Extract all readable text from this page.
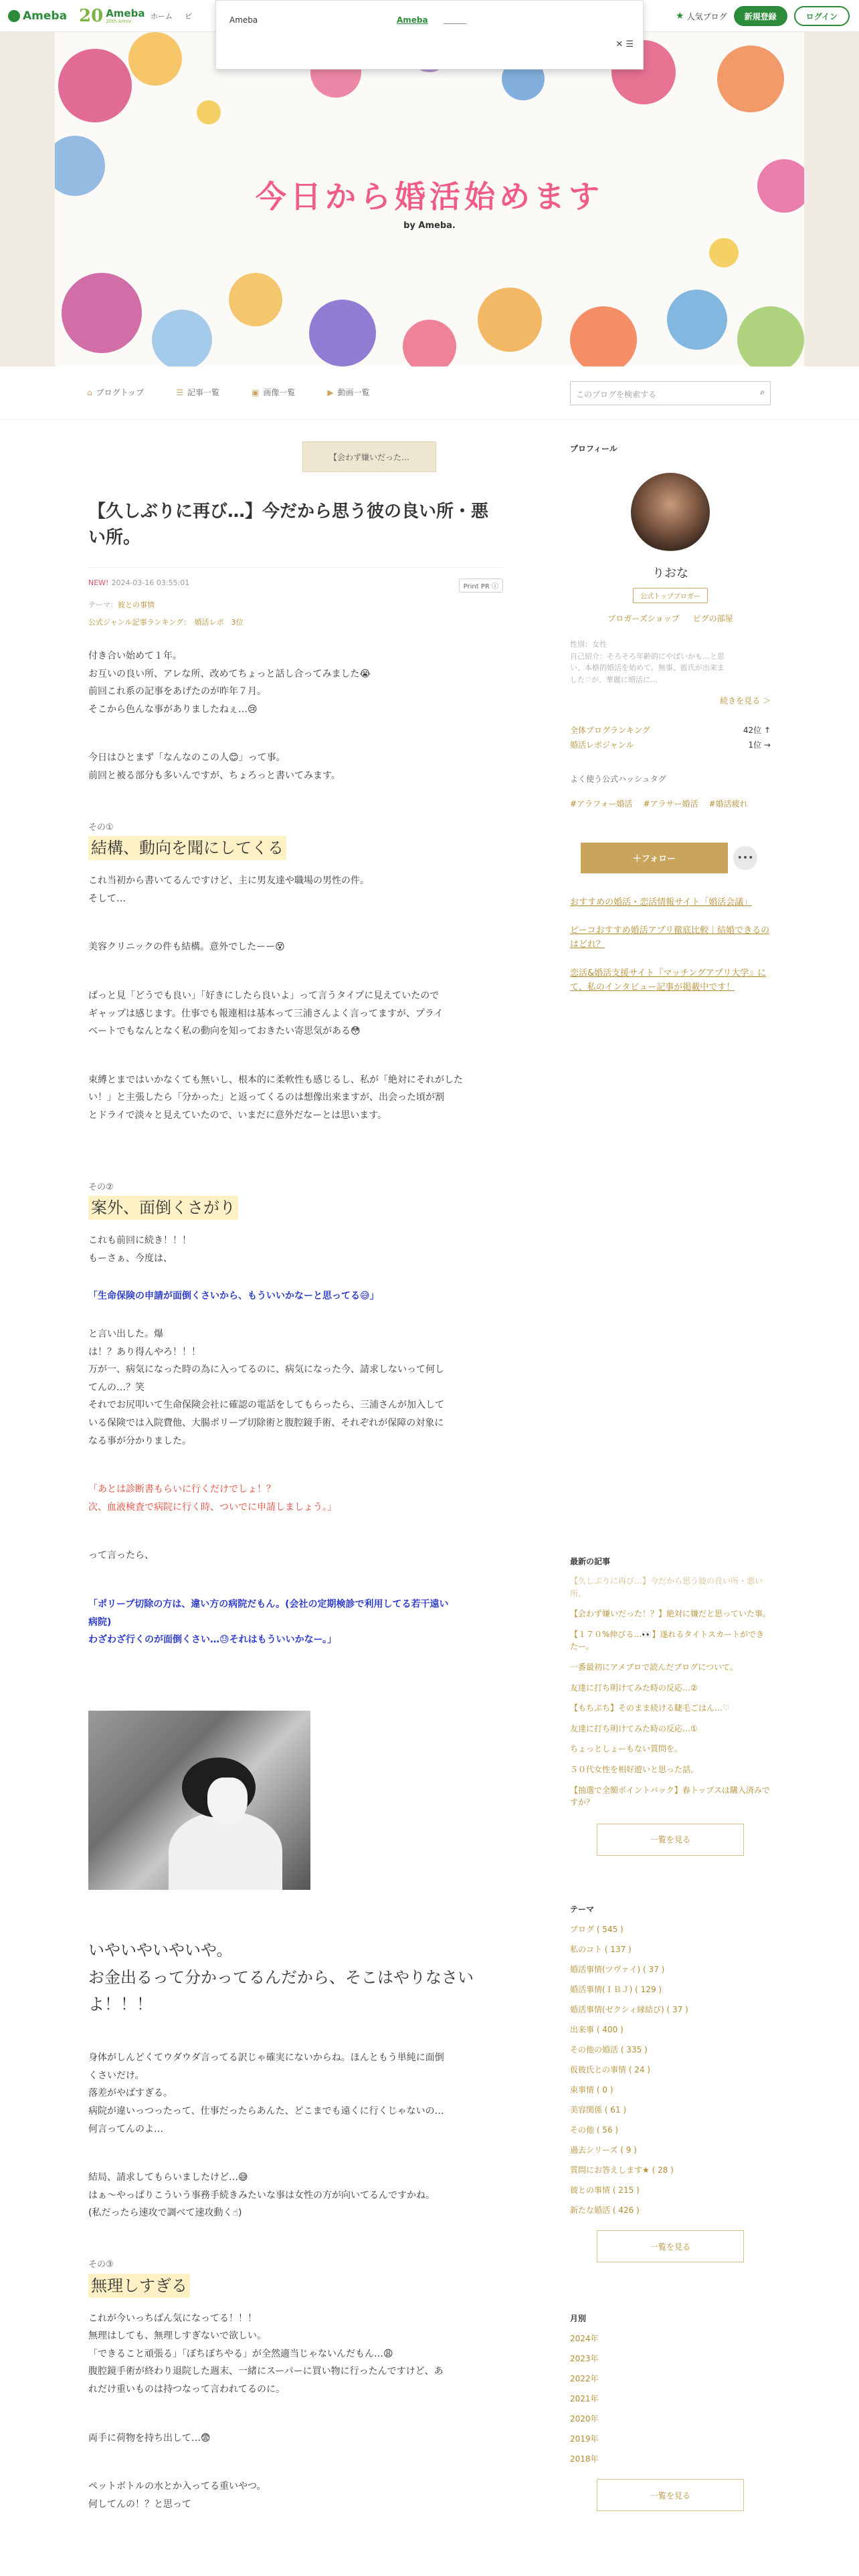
Ameba 20 Ameba
20th Anniv.
ホーム ピ	★ 人気ブログ	新規登録	ログイン
Ameba	Ameba
✕ ☰
今日から婚活始めます
by Ameba.
⌂ ブログトップ	☰ 記事一覧	▣ 画像一覧	▶ 動画一覧	このブログを検索する	⌕
【会わず嫌いだった…
【久しぶりに再び…】今だから思う彼の良い所・悪い所。
NEW! 2024-03-16 03:55:01	Print PR ⓘ
テーマ：彼との事情
公式ジャンル記事ランキング：　婚活レポ　3位

付き合い始めて１年。

お互いの良い所、アレな所、改めてちょっと話し合ってみました😭

前回これ系の記事をあげたのが昨年７月。

そこから色んな事がありましたねぇ…😢

今日はひとまず「なんなのこの人😊」って事。

前回と被る部分も多いんですが、ちょろっと書いてみます。

その①
結構、動向を聞にしてくる

これ当初から書いてるんですけど、主に男友達や職場の男性の件。

そして…

美容クリニックの件も結構。意外でしたーー😵

ぱっと見「どうでも良い」「好きにしたら良いよ」って言うタイプに見えていたので

ギャップは感じます。仕事でも報連相は基本って三浦さんよく言ってますが、プライ

ベートでもなんとなく私の動向を知っておきたい寄思気がある😳

束縛とまではいかなくても無いし、根本的に柔軟性も感じるし、私が「絶対にそれがした

い！」と主張したら「分かった」と返ってくるのは想像出来ますが、出会った頃が割

とドライで淡々と見えていたので、いまだに意外だなーとは思います。

その②
案外、面倒くさがり

これも前回に続き！！！

もーさぁ、今度は、

「生命保険の申請が面倒くさいから、もういいかなーと思ってる😅」

と言い出した。爆

は！？あり得んやろ！！！

万が一、病気になった時の為に入ってるのに、病気になった今、請求しないって何し

てんの…？笑

それでお尻叩いて生命保険会社に確認の電話をしてもらったら、三浦さんが加入して

いる保険では入院費他、大腸ポリープ切除術と腹腔鏡手術、それぞれが保障の対象に

なる事が分かりました。

「あとは診断書もらいに行くだけでしょ！？

次、血液検査で病院に行く時、ついでに申請しましょう。」

って言ったら、

「ポリープ切除の方は、違い方の病院だもん。(会社の定期検診で利用してる若干遠い

病院)

わざわざ行くのが面倒くさい…😓それはもういいかなー。」

いやいやいやいや。

お金出るって分かってるんだから、そこはやりなさい

よ！！！

身体がしんどくてウダウダ言ってる訳じゃ確実にないからね。ほんともう単純に面倒

くさいだけ。

落差がやばすぎる。

病院が違いっつったって、仕事だったらあんた、どこまでも遠くに行くじゃないの…

何言ってんのよ…

結局、請求してもらいましたけど…😅

はぁ〜やっぱりこういう事務手続きみたいな事は女性の方が向いてるんですかね。

(私だったら速攻で調べて速攻動く☝)

その③
無理しすぎる

これが今いっちばん気になってる！！！

無理はしても、無理しすぎないで欲しい。

「できること頑張る」「ぼちぼちやる」が全然適当じゃないんだもん…😩

腹腔鏡手術が終わり退院した週末、一緒にスーパーに買い物に行ったんですけど、あ

れだけ重いものは持つなって言われてるのに。

両手に荷物を持ち出して…😨

ペットボトルの水とか入ってる重いやつ。

何してんの！？と思って

プロフィール
りおな
公式トップブロガー
ブロガーズショップ ピグの部屋
性別：女性
自己紹介：そろそろ年齢的にやばいかも…と思
い、本格的婚活を始めて。無事、彼氏が出来ま
した♡が、華麗に婚活に...
続きを見る ＞
全体ブログランキング	42位 ↑
婚活レポジャンル	1位 →
よく使う公式ハッシュタグ
#アラフォー婚活 #アラサー婚活 #婚活疲れ
＋フォロー	•••
おすすめの婚活・恋活情報サイト「婚活会議」
ピーコおすすめ婚活アプリ徹底比較｜結婚できるのはどれ？
恋活&婚活支援サイト『マッチングアプリ大学』にて、私のインタビュー記事が掲載中です！
最新の記事
【久しぶりに再び…】今だから思う彼の良い所・悪い所。
【会わず嫌いだった！？】絶対に嫌だと思っていた事。
【１７０%伸びる…👀】遂れるタイトスカートができたー。
一番最初にアメブロで読んだブログについて。
友達に打ち明けてみた時の反応…②
【もちぷち】そのまま続ける睫毛ごはん…♡
友達に打ち明けてみた時の反応…①
ちょっとしょーもない質問を。
５０代女性を相好遊いと思った話。
【抽選で全額ポイントバック】春トップスは購入済みですか？
一覧を見る
テーマ
ブログ ( 545 )
私のコト ( 137 )
婚活事情(ツヴァイ) ( 37 )
婚活事情(ＩＢＪ) ( 129 )
婚活事情(ゼクシィ縁結び) ( 37 )
出来事 ( 400 )
その他の婚活 ( 335 )
仮彼氏との事情 ( 24 )
束事情 ( 0 )
美容関係 ( 61 )
その他 ( 56 )
過去シリーズ ( 9 )
質問にお答えします★ ( 28 )
彼との事情 ( 215 )
新たな婚活 ( 426 )
一覧を見る
月別
2024年
2023年
2022年
2021年
2020年
2019年
2018年
一覧を見る
